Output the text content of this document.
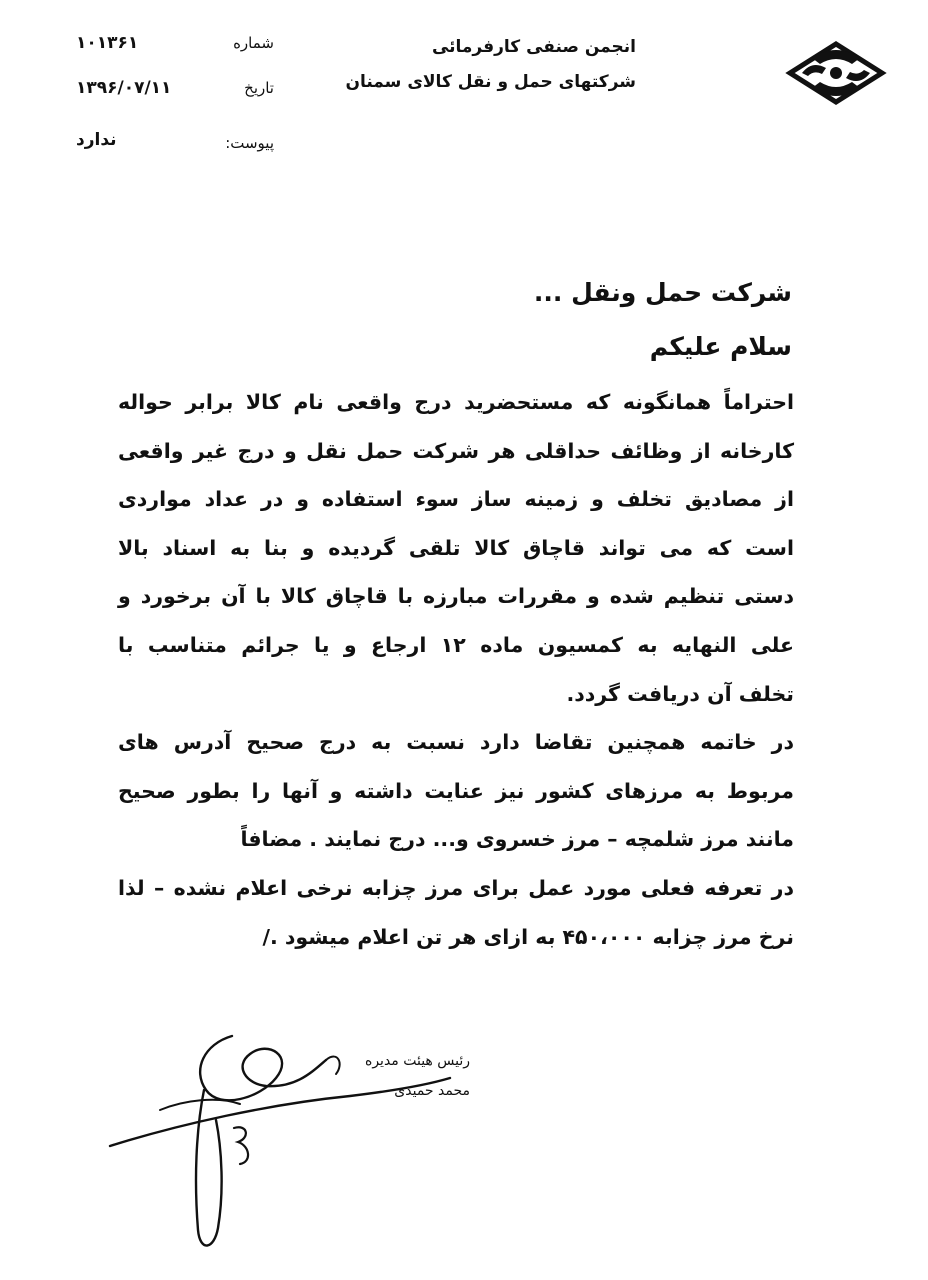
انجمن صنفی کارفرمائی
شرکتهای حمل و نقل کالای سمنان
شماره
۱۰۱۳۶۱
تاریخ
۱۳۹۶/۰۷/۱۱
پیوست:
ندارد
شرکت حمل ونقل ...
سلام علیکم
احتراماً همانگونه که مستحضرید درج واقعی نام کالا برابر حواله
کارخانه از وظائف حداقلی هر شرکت حمل نقل و درج غیر واقعی
از مصادیق تخلف و زمینه ساز سوء استفاده و در عداد مواردی
است که می تواند قاچاق کالا تلقی گردیده و بنا به اسناد بالا
دستی تنظیم شده و مقررات مبارزه با قاچاق کالا با آن برخورد و
علی النهایه به کمسیون ماده ۱۲ ارجاع و یا جرائم متناسب با
تخلف آن دریافت گردد.
در خاتمه همچنین تقاضا دارد نسبت به درج صحیح آدرس های
مربوط به مرزهای کشور نیز عنایت داشته و آنها را بطور صحیح
مانند مرز شلمچه – مرز خسروی و... درج نمایند . مضافاً
در تعرفه فعلی مورد عمل برای مرز چزابه نرخی اعلام نشده – لذا
نرخ مرز چزابه ۴۵۰،۰۰۰ به ازای هر تن اعلام میشود ./
رئیس هیئت مدیره
محمد حمیدی
